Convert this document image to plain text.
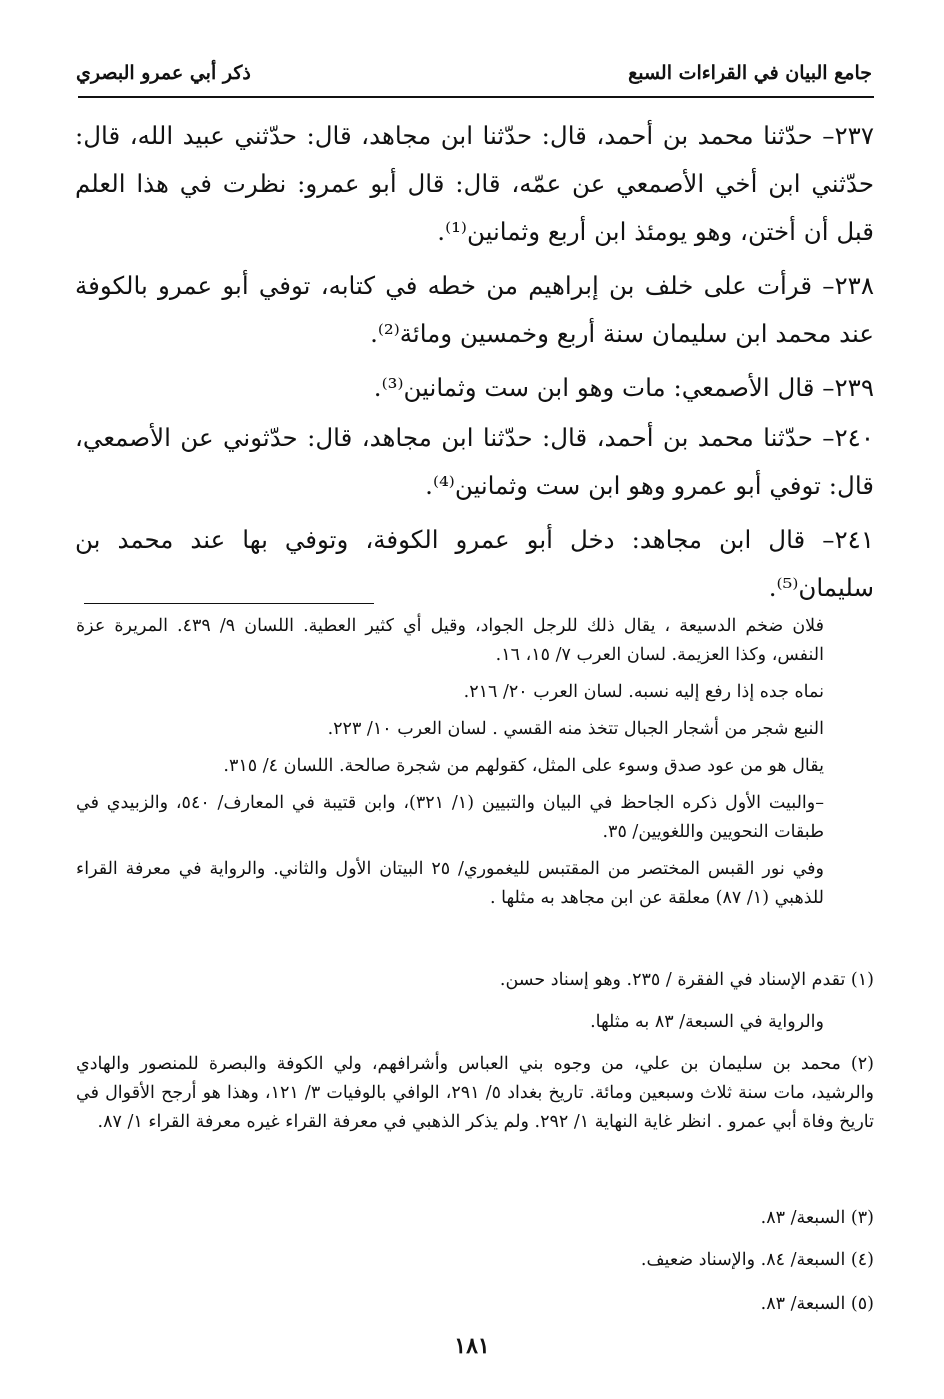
جامع البيان في القراءات السبع
ذكر أبي عمرو البصري

٢٣٧– حدّثنا محمد بن أحمد، قال: حدّثنا ابن مجاهد، قال: حدّثني عبيد الله، قال: حدّثني ابن أخي الأصمعي عن عمّه، قال: قال أبو عمرو: نظرت في هذا العلم قبل أن أختن، وهو يومئذ ابن أربع وثمانين⁽¹⁾.

٢٣٨– قرأت على خلف بن إبراهيم من خطه في كتابه، توفي أبو عمرو بالكوفة عند محمد ابن سليمان سنة أربع وخمسين ومائة⁽²⁾.

٢٣٩– قال الأصمعي: مات وهو ابن ست وثمانين⁽³⁾.

٢٤٠– حدّثنا محمد بن أحمد، قال: حدّثنا ابن مجاهد، قال: حدّثوني عن الأصمعي، قال: توفي أبو عمرو وهو ابن ست وثمانين⁽⁴⁾.

٢٤١– قال ابن مجاهد: دخل أبو عمرو الكوفة، وتوفي بها عند محمد بن سليمان⁽⁵⁾.

فلان ضخم الدسيعة ، يقال ذلك للرجل الجواد، وقيل أي كثير العطية. اللسان ٩/ ٤٣٩. المريرة عزة النفس، وكذا العزيمة. لسان العرب ٧/ ١٥، ١٦.

نماه جده إذا رفع إليه نسبه. لسان العرب ٢٠/ ٢١٦.

النبع شجر من أشجار الجبال تتخذ منه القسي . لسان العرب ١٠/ ٢٢٣.

يقال هو من عود صدق وسوء على المثل، كقولهم من شجرة صالحة. اللسان ٤/ ٣١٥.

–والبيت الأول ذكره الجاحظ في البيان والتبيين (١/ ٣٢١)، وابن قتيبة في المعارف/ ٥٤٠، والزبيدي في طبقات النحويين واللغويين/ ٣٥.

وفي نور القبس المختصر من المقتبس لليغموري/ ٢٥ البيتان الأول والثاني. والرواية في معرفة القراء للذهبي (١/ ٨٧) معلقة عن ابن مجاهد به مثلها .

(١) تقدم الإسناد في الفقرة / ٢٣٥. وهو إسناد حسن.
والرواية في السبعة/ ٨٣ به مثلها.
(٢) محمد بن سليمان بن علي، من وجوه بني العباس وأشرافهم، ولي الكوفة والبصرة للمنصور والهادي والرشيد، مات سنة ثلاث وسبعين ومائة. تاريخ بغداد ٥/ ٢٩١، الوافي بالوفيات ٣/ ١٢١، وهذا هو أرجح الأقوال في تاريخ وفاة أبي عمرو . انظر غاية النهاية ١/ ٢٩٢. ولم يذكر الذهبي في معرفة القراء غيره معرفة القراء ١/ ٨٧.
(٣) السبعة/ ٨٣.
(٤) السبعة/ ٨٤. والإسناد ضعيف.
(٥) السبعة/ ٨٣.
١٨١
